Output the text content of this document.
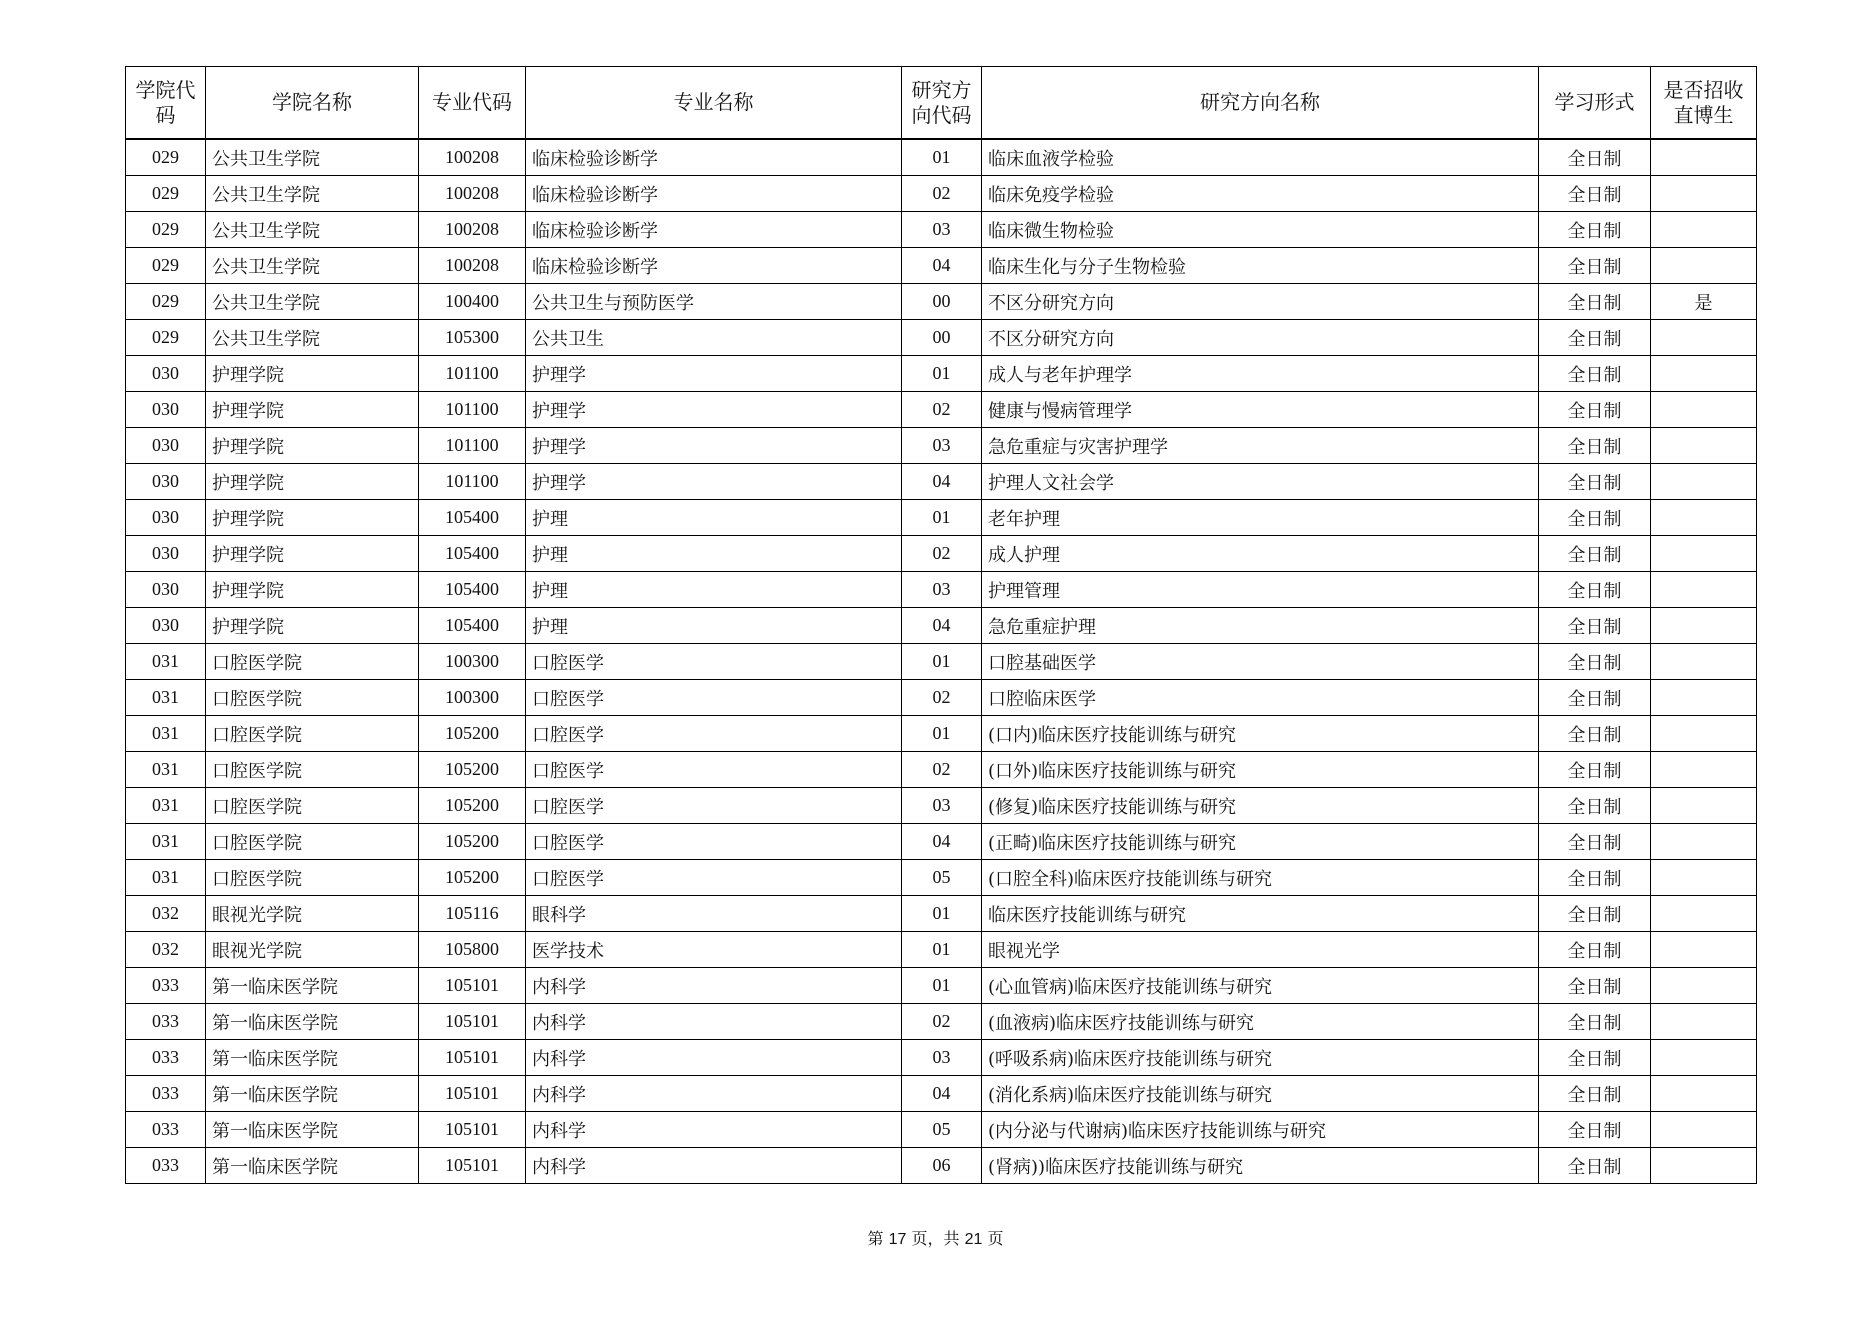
学院代码	学院名称	专业代码	专业名称	研究方向代码	研究方向名称	学习形式	是否招收直博生
029	公共卫生学院	100208	临床检验诊断学	01	临床血液学检验	全日制	
029	公共卫生学院	100208	临床检验诊断学	02	临床免疫学检验	全日制	
029	公共卫生学院	100208	临床检验诊断学	03	临床微生物检验	全日制	
029	公共卫生学院	100208	临床检验诊断学	04	临床生化与分子生物检验	全日制	
029	公共卫生学院	100400	公共卫生与预防医学	00	不区分研究方向	全日制	是
029	公共卫生学院	105300	公共卫生	00	不区分研究方向	全日制	
030	护理学院	101100	护理学	01	成人与老年护理学	全日制	
030	护理学院	101100	护理学	02	健康与慢病管理学	全日制	
030	护理学院	101100	护理学	03	急危重症与灾害护理学	全日制	
030	护理学院	101100	护理学	04	护理人文社会学	全日制	
030	护理学院	105400	护理	01	老年护理	全日制	
030	护理学院	105400	护理	02	成人护理	全日制	
030	护理学院	105400	护理	03	护理管理	全日制	
030	护理学院	105400	护理	04	急危重症护理	全日制	
031	口腔医学院	100300	口腔医学	01	口腔基础医学	全日制	
031	口腔医学院	100300	口腔医学	02	口腔临床医学	全日制	
031	口腔医学院	105200	口腔医学	01	(口内)临床医疗技能训练与研究	全日制	
031	口腔医学院	105200	口腔医学	02	(口外)临床医疗技能训练与研究	全日制	
031	口腔医学院	105200	口腔医学	03	(修复)临床医疗技能训练与研究	全日制	
031	口腔医学院	105200	口腔医学	04	(正畸)临床医疗技能训练与研究	全日制	
031	口腔医学院	105200	口腔医学	05	(口腔全科)临床医疗技能训练与研究	全日制	
032	眼视光学院	105116	眼科学	01	临床医疗技能训练与研究	全日制	
032	眼视光学院	105800	医学技术	01	眼视光学	全日制	
033	第一临床医学院	105101	内科学	01	(心血管病)临床医疗技能训练与研究	全日制	
033	第一临床医学院	105101	内科学	02	(血液病)临床医疗技能训练与研究	全日制	
033	第一临床医学院	105101	内科学	03	(呼吸系病)临床医疗技能训练与研究	全日制	
033	第一临床医学院	105101	内科学	04	(消化系病)临床医疗技能训练与研究	全日制	
033	第一临床医学院	105101	内科学	05	(内分泌与代谢病)临床医疗技能训练与研究	全日制	
033	第一临床医学院	105101	内科学	06	(肾病))临床医疗技能训练与研究	全日制	
第 17 页，共 21 页
